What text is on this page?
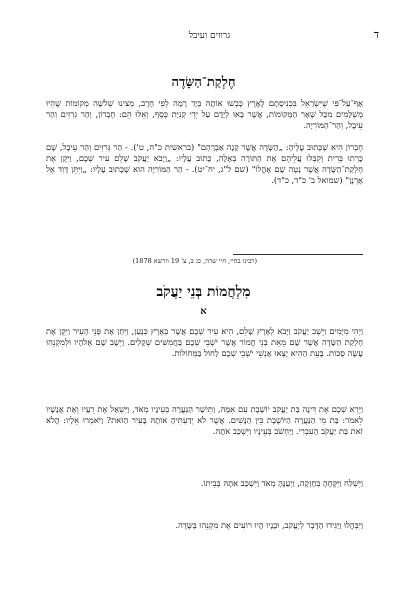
ד
גרוזים ועיבל
חֶלְקַת־הַשָּׂדֶה

אַף־עַל־פִּי שֶׁיִּשְׂרָאֵל בִּכְנִיסָתָם לָאָרֶץ כָּבְשׁוּ אוֹתָהּ בְּיָד רָמָה לְפִי חֶרֶב, מְצִינוּ שְׁלֹשָׁה מְקוֹמוֹת שֶׁהֵיוּ מֻשְׁלָּמִים מִכָּל שְׁאָר הַמְּקוֹמוֹת, אֲשֶׁר בָּאוּ לְיָדָם עַל יְדֵי קְנִיַּת כֶּסֶף, וְאֵלּוּ הֵם: חֶבְרוֹן, וְהַר גְּרִזִּים וְהַר עֵיבָל, וְהַר־הַמּוֹרִיָּה.

חֶבְרוֹן הִיא שֶׁכָּתוּב עָלֶיהָ: „הַשָּׂדֶה אֲשֶׁר קָנָה אַבְרָהָם" (בראשית כ"ה, ט'). - הַר גְּרִזִּים וְהַר עֵיבָל, שָׁם כָּרְתוּ בְּרִית וְקִבְּלוּ עֲלֵיהֶם אֶת הַתּוֹרָה בְּאָלָה, כָּתוּב עָלָיו: „וַיָּבֹא יַעֲקֹב שָׁלֵם עִיר שְׁכֶם, וַיִּקֶן אֶת חֶלְקַת־הַשָּׂדֶה אֲשֶׁר נָטָה שָׁם אָהֳלוֹ" (שם ל"ג, יח־יט). - הַר הַמּוֹרִיָּה הוּא שֶׁכָּתוּב עָלָיו: „וַיִּתֵּן דָּוִד אֶל אָרְנָן" (שמואל ב' כ"ד, כ"ד).

(רבינו בחיי, חיי שרה, כג ב, צ' 19 וורשא 1878)
מִלְחֲמוֹת בְּנֵי יַעֲקֹב
א

וַיְהִי מִיָּמִים וַיֵּשֶׁב יַעֲקֹב וַיָּבֹא לְאֶרֶץ שָׁלֵם, הִיא עִיר שְׁכֶם אֲשֶׁר בְּאֶרֶץ כְּנָעַן, וַיִּחַן אֶת פְּנֵי הָעִיר וַיִּקֶן אֶת חֶלְקַת הַשָּׂדֶה אֲשֶׁר שָׁם מֵאֵת בְּנֵי חֲמוֹר אֲשֶׁר יֹשְׁבֵי שְׁכֶם בַּחֲמִשִּׁים שְׁקָלִים. וַיֵּשֶׁב שָׁם אֶלֹהָיו וּלְמִקְנֵהוּ עָשָׂה סֻכּוֹת. בָּעֵת הַהִיא יָצְאוּ אַנְשֵׁי יֹשְׁבֵי שְׁכֶם לָחוֹל בַּמְּחוֹלוֹת.

וַיֵּרְא שְׁכֶם אֶת דִּינָה בַּת יַעֲקֹב יוֹשֶׁבֶת עִם אִמָּהּ, וַתִּישַׁר הַנַּעֲרָה בְּעֵינָיו מְאֹד, וַיִּשְׁאַל אֶת רֵעָיו וְאֶת אֲנָשָׁיו לֵאמֹר: בַּת מִי הַנַּעֲרָה הַיּוֹשֶׁבֶת בֵּין הַנָּשִׁים. אֲשֶׁר לֹא יְדַעְתִּיהָ אוֹתָהּ בָּעִיר הַזֹּאת? וַיֹּאמְרוּ אֵלָיו: הֲלֹא זֹאת בַּת יַעֲקֹב הָעִבְרִי. וַיַּחְשֹׁב בְּעֵינָיו וַיִּשְׁכַּב אֹתָהּ.

וַיִּשְׁלַח וַיִּקָּחֶהָ בְּחָזְקָה, וַיְעַנֶּהָ מְאֹד וַיִּשְׁכַּב אֹתָהּ בְּבֵיתוֹ.

וַיִּבְּהֲלוּ וַיַּגִּידוּ הַדָּבָר לְיַעֲקֹב, וּבָנָיו הָיוּ רוֹעִים אֶת מִקְנֵהוּ בַּשָּׂדֶה.
